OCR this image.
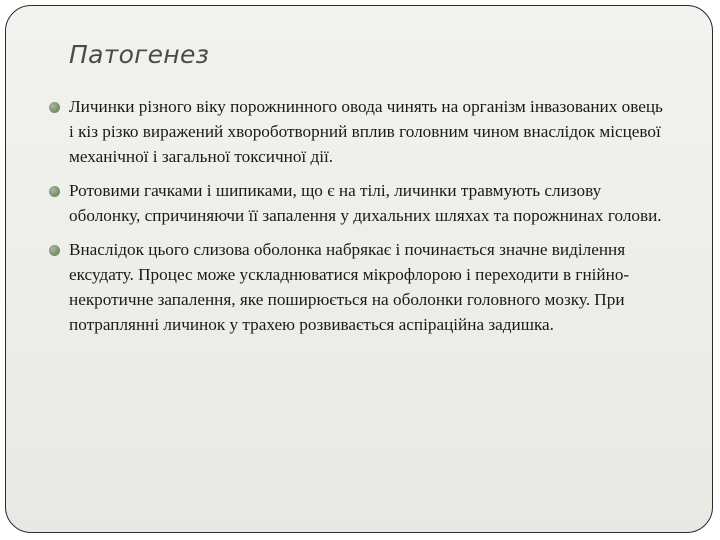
Патогенез
Личинки різного віку порожнинного овода чинять на організм інвазованих овець і кіз різко виражений хвороботворний вплив головним чином внаслідок місцевої механічної і загальної токсичної дії.
Ротовими гачками і шипиками, що є на тілі, личинки травмують слизову оболонку, спричиняючи її запалення у дихальних шляхах та порожнинах голови.
Внаслідок цього слизова оболонка набрякає і починається значне виділення ексудату. Процес може ускладнюватися мікрофлорою і переходити в гнійно-некротичне запалення, яке поширюється на оболонки головного мозку. При потраплянні личинок у трахею розвивається аспіраційна задишка.
